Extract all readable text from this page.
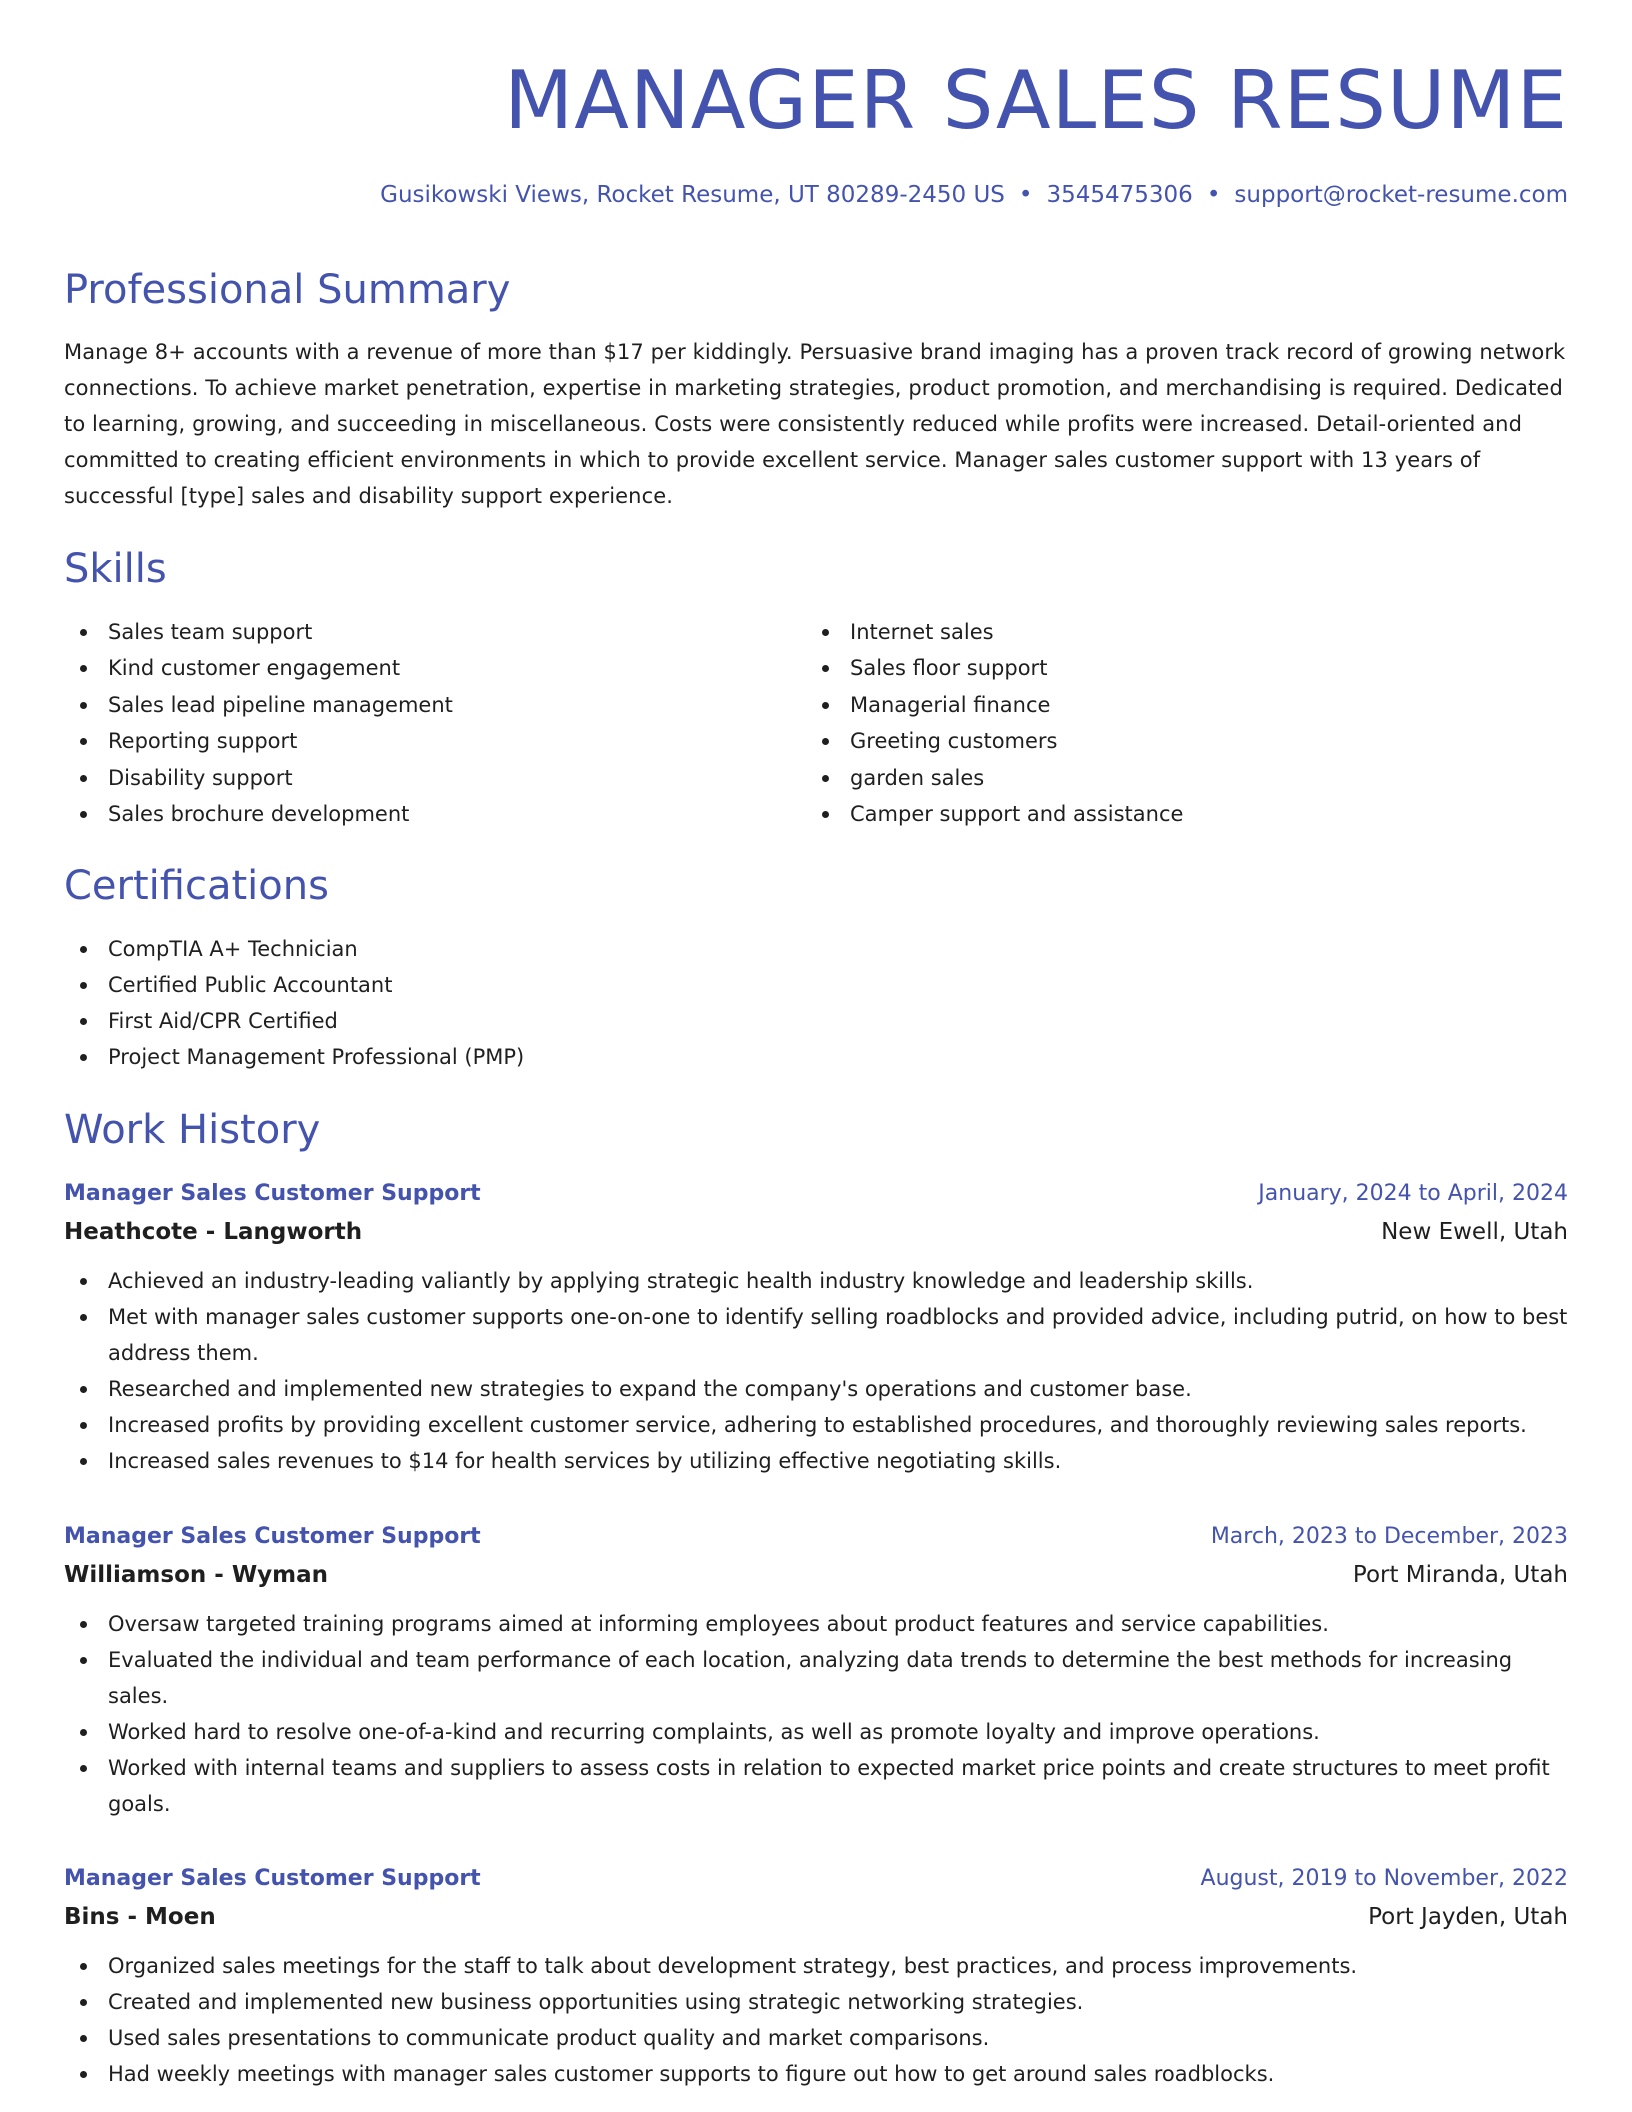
MANAGER SALES RESUME
Gusikowski Views, Rocket Resume, UT 80289-2450 US • 3545475306 • support@rocket-resume.com
Professional Summary
Manage 8+ accounts with a revenue of more than $17 per kiddingly. Persuasive brand imaging has a proven track record of growing network connections. To achieve market penetration, expertise in marketing strategies, product promotion, and merchandising is required. Dedicated to learning, growing, and succeeding in miscellaneous. Costs were consistently reduced while profits were increased. Detail-oriented and committed to creating efficient environments in which to provide excellent service. Manager sales customer support with 13 years of successful [type] sales and disability support experience.
Skills
Sales team support
Kind customer engagement
Sales lead pipeline management
Reporting support
Disability support
Sales brochure development
Internet sales
Sales floor support
Managerial finance
Greeting customers
garden sales
Camper support and assistance
Certifications
CompTIA A+ Technician
Certified Public Accountant
First Aid/CPR Certified
Project Management Professional (PMP)
Work History
Manager Sales Customer Support	January, 2024 to April, 2024
Heathcote - Langworth	New Ewell, Utah
Achieved an industry-leading valiantly by applying strategic health industry knowledge and leadership skills.
Met with manager sales customer supports one-on-one to identify selling roadblocks and provided advice, including putrid, on how to best address them.
Researched and implemented new strategies to expand the company's operations and customer base.
Increased profits by providing excellent customer service, adhering to established procedures, and thoroughly reviewing sales reports.
Increased sales revenues to $14 for health services by utilizing effective negotiating skills.
Manager Sales Customer Support	March, 2023 to December, 2023
Williamson - Wyman	Port Miranda, Utah
Oversaw targeted training programs aimed at informing employees about product features and service capabilities.
Evaluated the individual and team performance of each location, analyzing data trends to determine the best methods for increasing sales.
Worked hard to resolve one-of-a-kind and recurring complaints, as well as promote loyalty and improve operations.
Worked with internal teams and suppliers to assess costs in relation to expected market price points and create structures to meet profit goals.
Manager Sales Customer Support	August, 2019 to November, 2022
Bins - Moen	Port Jayden, Utah
Organized sales meetings for the staff to talk about development strategy, best practices, and process improvements.
Created and implemented new business opportunities using strategic networking strategies.
Used sales presentations to communicate product quality and market comparisons.
Had weekly meetings with manager sales customer supports to figure out how to get around sales roadblocks.
